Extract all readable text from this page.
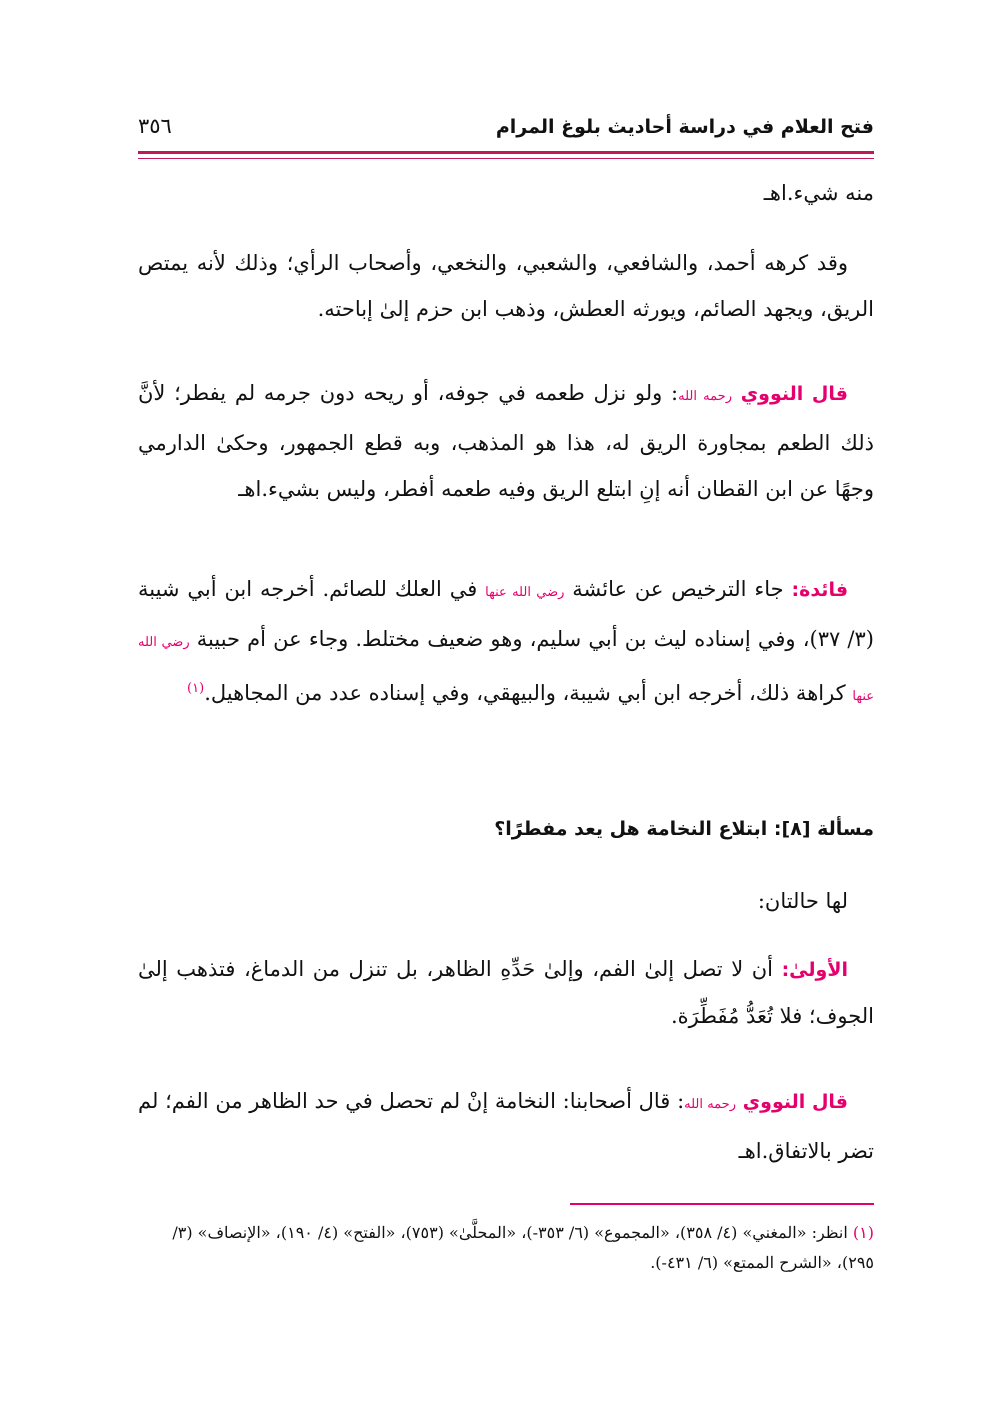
فتح العلام في دراسة أحاديث بلوغ المرام
٣٥٦
منه شيء.اهـ
وقد كرهه أحمد، والشافعي، والشعبي، والنخعي، وأصحاب الرأي؛ وذلك لأنه يمتص الريق، ويجهد الصائم، ويورثه العطش، وذهب ابن حزم إلىٰ إباحته.
قال النووي رحمه الله: ولو نزل طعمه في جوفه، أو ريحه دون جرمه لم يفطر؛ لأنَّ ذلك الطعم بمجاورة الريق له، هذا هو المذهب، وبه قطع الجمهور، وحكىٰ الدارمي وجهًا عن ابن القطان أنه إنِ ابتلع الريق وفيه طعمه أفطر، وليس بشيء.اهـ
فائدة: جاء الترخيص عن عائشة رضي الله عنها في العلك للصائم. أخرجه ابن أبي شيبة (٣/ ٣٧)، وفي إسناده ليث بن أبي سليم، وهو ضعيف مختلط. وجاء عن أم حبيبة رضي الله عنها كراهة ذلك، أخرجه ابن أبي شيبة، والبيهقي، وفي إسناده عدد من المجاهيل.$^{(١)}$
مسألة [٨]: ابتلاع النخامة هل يعد مفطرًا؟
لها حالتان:
الأولىٰ: أن لا تصل إلىٰ الفم، وإلىٰ حَدِّهِ الظاهر، بل تنزل من الدماغ، فتذهب إلىٰ الجوف؛ فلا تُعَدُّ مُفَطِّرَة.
قال النووي رحمه الله: قال أصحابنا: النخامة إنْ لم تحصل في حد الظاهر من الفم؛ لم تضر بالاتفاق.اهـ
(١) انظر: «المغني» (٤/ ٣٥٨)، «المجموع» (٦/ ٣٥٣-)، «المحلَّىٰ» (٧٥٣)، «الفتح» (٤/ ١٩٠)، «الإنصاف» (٣/ ٢٩٥)، «الشرح الممتع» (٦/ ٤٣١-).
